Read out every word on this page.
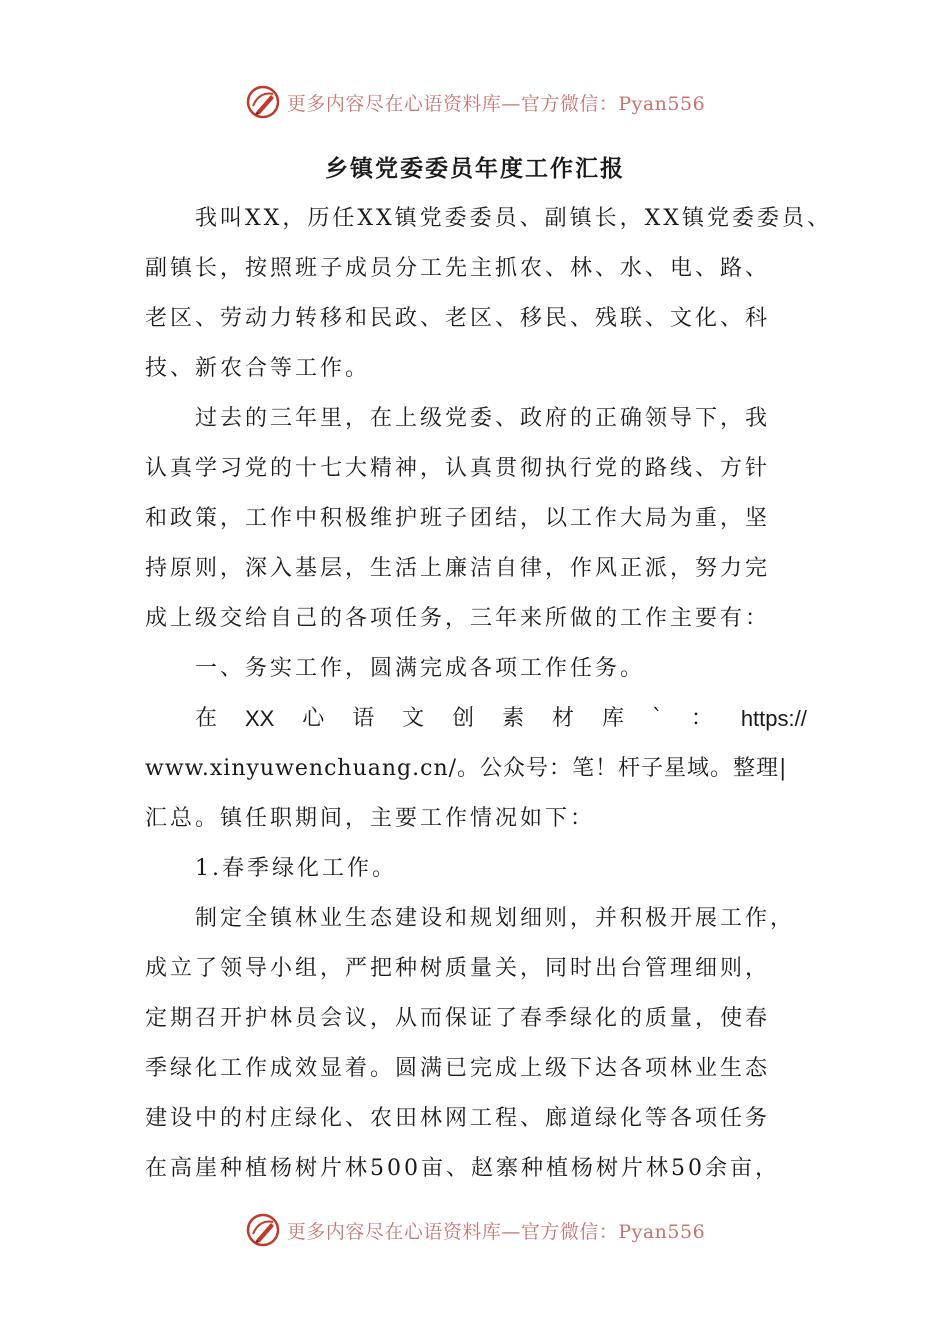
更多内容尽在心语资料库—官方微信：Pyan556
乡镇党委委员年度工作汇报
我叫XX，历任XX镇党委委员、副镇长，XX镇党委委员、
副镇长，按照班子成员分工先主抓农、林、水、电、路、
老区、劳动力转移和民政、老区、移民、残联、文化、科
技、新农合等工作。
过去的三年里，在上级党委、政府的正确领导下，我
认真学习党的十七大精神，认真贯彻执行党的路线、方针
和政策，工作中积极维护班子团结，以工作大局为重，坚
持原则，深入基层，生活上廉洁自律，作风正派，努力完
成上级交给自己的各项任务，三年来所做的工作主要有：
一、务实工作，圆满完成各项工作任务。
在 XX 心 语 文 创 素 材 库 ` ： https://
www.xinyuwenchuang.cn/。公众号：笔！杆子星域。整理|
汇总。镇任职期间，主要工作情况如下：
1.春季绿化工作。
制定全镇林业生态建设和规划细则，并积极开展工作，
成立了领导小组，严把种树质量关，同时出台管理细则，
定期召开护林员会议，从而保证了春季绿化的质量，使春
季绿化工作成效显着。圆满已完成上级下达各项林业生态
建设中的村庄绿化、农田林网工程、廊道绿化等各项任务
在高崖种植杨树片林500亩、赵寨种植杨树片林50余亩，
更多内容尽在心语资料库—官方微信：Pyan556
